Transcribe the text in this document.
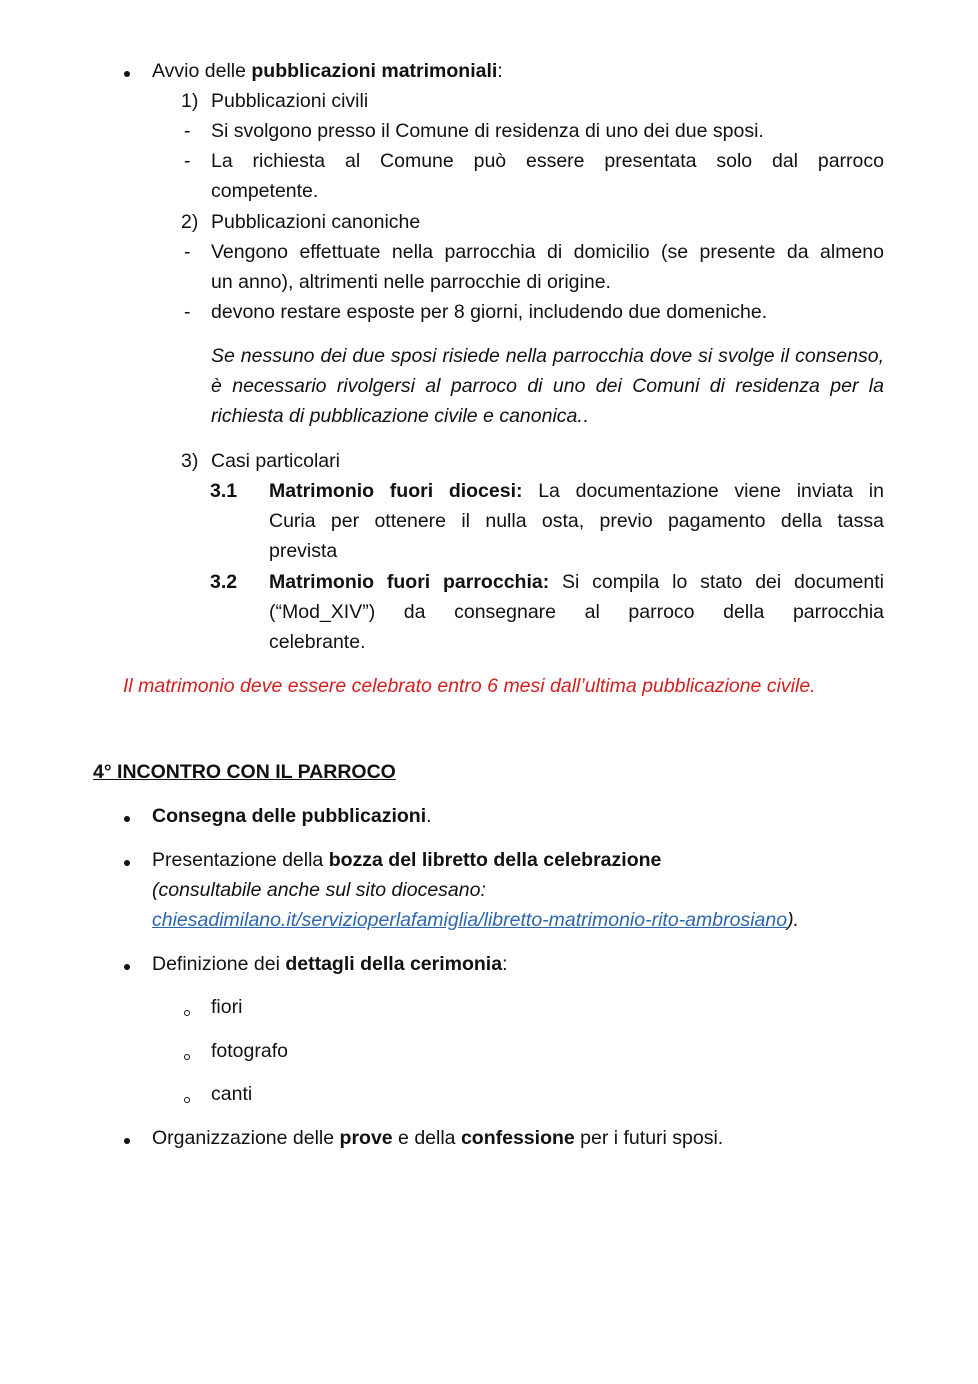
Avvio delle pubblicazioni matrimoniali:
1) Pubblicazioni civili
- Si svolgono presso il Comune di residenza di uno dei due sposi.
- La richiesta al Comune può essere presentata solo dal parroco
competente.
2) Pubblicazioni canoniche
- Vengono effettuate nella parrocchia di domicilio (se presente da almeno
un anno), altrimenti nelle parrocchie di origine.
- devono restare esposte per 8 giorni, includendo due domeniche.
Se nessuno dei due sposi risiede nella parrocchia dove si svolge il consenso,
è necessario rivolgersi al parroco di uno dei Comuni di residenza per la
richiesta di pubblicazione civile e canonica..
3) Casi particolari
3.1 Matrimonio fuori diocesi: La documentazione viene inviata in
Curia per ottenere il nulla osta, previo pagamento della tassa
prevista
3.2 Matrimonio fuori parrocchia: Si compila lo stato dei documenti
(“Mod_XIV”) da consegnare al parroco della parrocchia
celebrante.
Il matrimonio deve essere celebrato entro 6 mesi dall’ultima pubblicazione civile.
4° INCONTRO CON IL PARROCO
Consegna delle pubblicazioni.
Presentazione della bozza del libretto della celebrazione
(consultabile anche sul sito diocesano:
chiesadimilano.it/servizioperlafamiglia/libretto-matrimonio-rito-ambrosiano).
Definizione dei dettagli della cerimonia:
fiori
fotografo
canti
Organizzazione delle prove e della confessione per i futuri sposi.
